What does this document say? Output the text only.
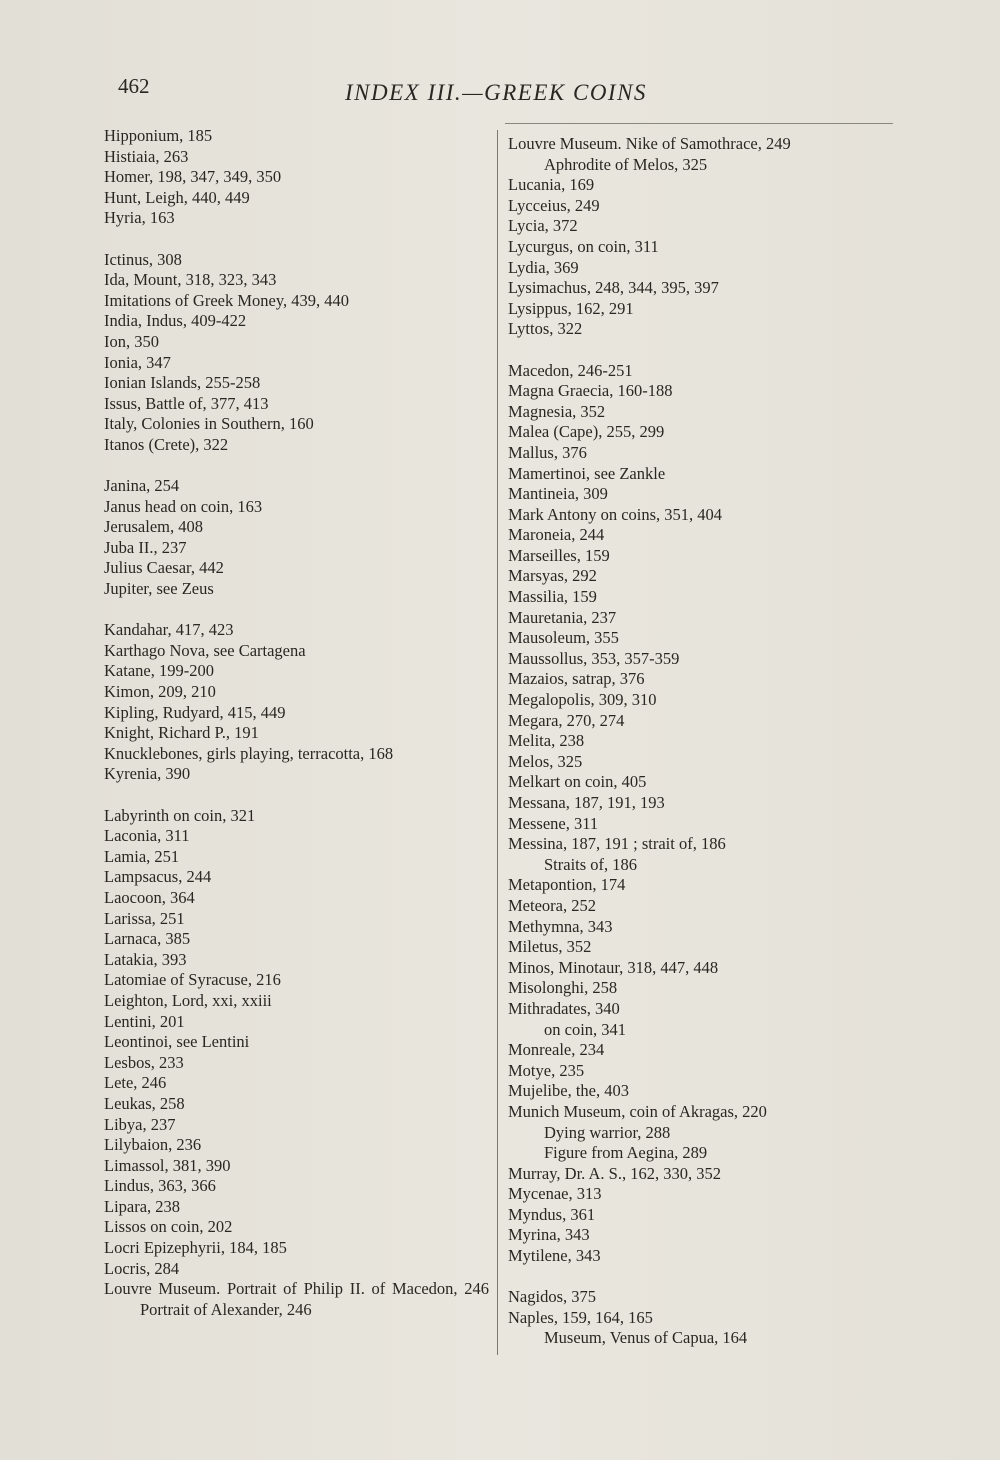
462	INDEX III.—GREEK COINS

Hipponium, 185

Histiaia, 263

Homer, 198, 347, 349, 350

Hunt, Leigh, 440, 449

Hyria, 163

Ictinus, 308

Ida, Mount, 318, 323, 343

Imitations of Greek Money, 439, 440

India, Indus, 409-422

Ion, 350

Ionia, 347

Ionian Islands, 255-258

Issus, Battle of, 377, 413

Italy, Colonies in Southern, 160

Itanos (Crete), 322

Janina, 254

Janus head on coin, 163

Jerusalem, 408

Juba II., 237

Julius Caesar, 442

Jupiter, see Zeus

Kandahar, 417, 423

Karthago Nova, see Cartagena

Katane, 199-200

Kimon, 209, 210

Kipling, Rudyard, 415, 449

Knight, Richard P., 191

Knucklebones, girls playing, terracotta, 168

Kyrenia, 390

Labyrinth on coin, 321

Laconia, 311

Lamia, 251

Lampsacus, 244

Laocoon, 364

Larissa, 251

Larnaca, 385

Latakia, 393

Latomiae of Syracuse, 216

Leighton, Lord, xxi, xxiii

Lentini, 201

Leontinoi, see Lentini

Lesbos, 233

Lete, 246

Leukas, 258

Libya, 237

Lilybaion, 236

Limassol, 381, 390

Lindus, 363, 366

Lipara, 238

Lissos on coin, 202

Locri Epizephyrii, 184, 185

Locris, 284

Louvre Museum. Portrait of Philip II. of Macedon, 246

Portrait of Alexander, 246

Louvre Museum. Nike of Samothrace, 249

Aphrodite of Melos, 325

Lucania, 169

Lycceius, 249

Lycia, 372

Lycurgus, on coin, 311

Lydia, 369

Lysimachus, 248, 344, 395, 397

Lysippus, 162, 291

Lyttos, 322

Macedon, 246-251

Magna Graecia, 160-188

Magnesia, 352

Malea (Cape), 255, 299

Mallus, 376

Mamertinoi, see Zankle

Mantineia, 309

Mark Antony on coins, 351, 404

Maroneia, 244

Marseilles, 159

Marsyas, 292

Massilia, 159

Mauretania, 237

Mausoleum, 355

Maussollus, 353, 357-359

Mazaios, satrap, 376

Megalopolis, 309, 310

Megara, 270, 274

Melita, 238

Melos, 325

Melkart on coin, 405

Messana, 187, 191, 193

Messene, 311

Messina, 187, 191 ; strait of, 186

Straits of, 186

Metapontion, 174

Meteora, 252

Methymna, 343

Miletus, 352

Minos, Minotaur, 318, 447, 448

Misolonghi, 258

Mithradates, 340

on coin, 341

Monreale, 234

Motye, 235

Mujelibe, the, 403

Munich Museum, coin of Akragas, 220

Dying warrior, 288

Figure from Aegina, 289

Murray, Dr. A. S., 162, 330, 352

Mycenae, 313

Myndus, 361

Myrina, 343

Mytilene, 343

Nagidos, 375

Naples, 159, 164, 165

Museum, Venus of Capua, 164
